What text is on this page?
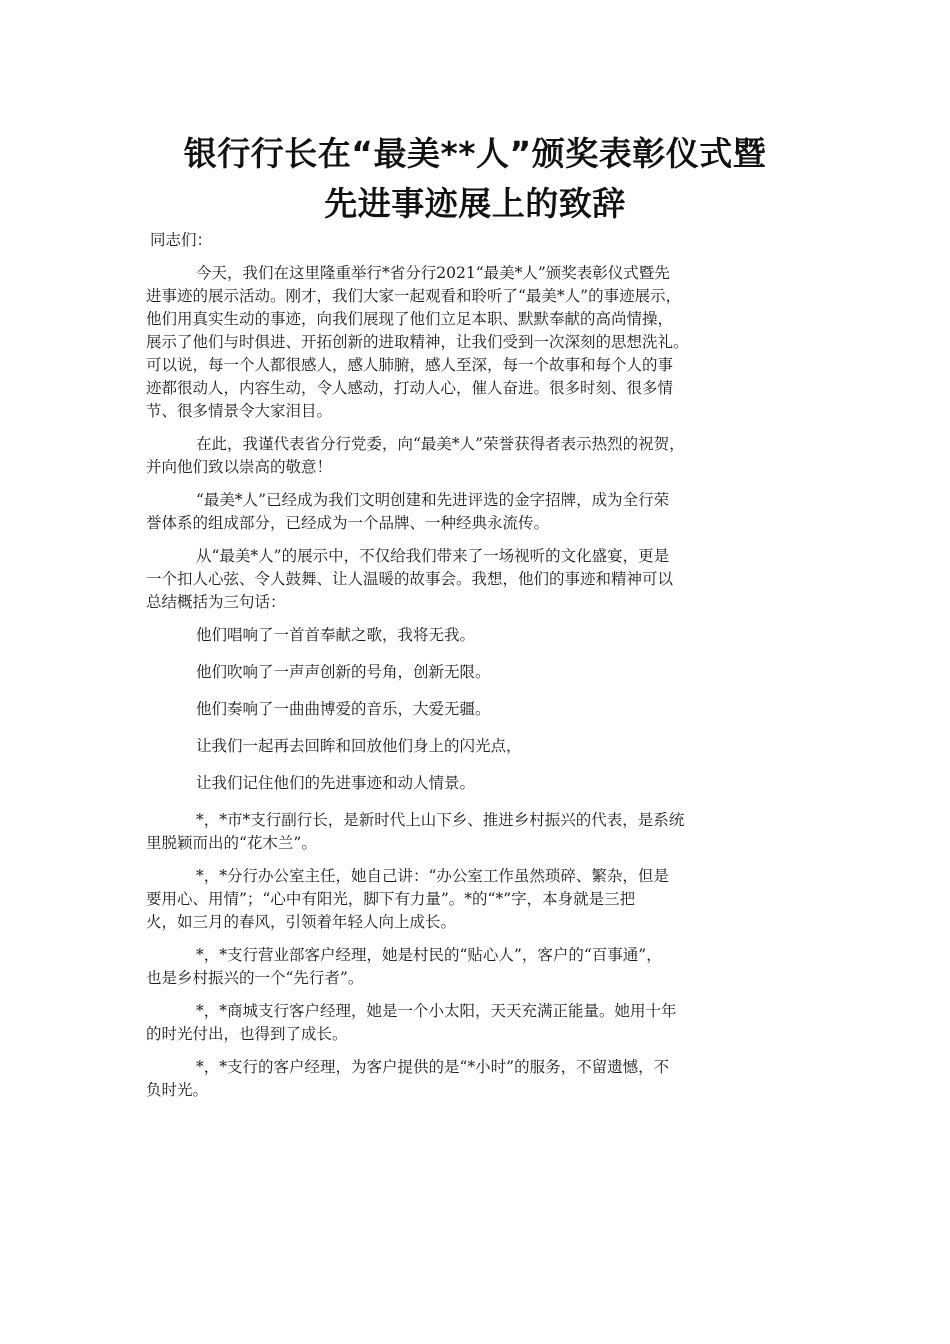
银行行长在“最美**人”颁奖表彰仪式暨
先进事迹展上的致辞
同志们：

今天，我们在这里隆重举行*省分行2021“最美*人”颁奖表彰仪式暨先
进事迹的展示活动。刚才，我们大家一起观看和聆听了“最美*人”的事迹展示，
他们用真实生动的事迹，向我们展现了他们立足本职、默默奉献的高尚情操，
展示了他们与时俱进、开拓创新的进取精神，让我们受到一次深刻的思想洗礼。
可以说，每一个人都很感人，感人肺腑，感人至深，每一个故事和每个人的事
迹都很动人，内容生动，令人感动，打动人心，催人奋进。很多时刻、很多情
节、很多情景令大家泪目。

在此，我谨代表省分行党委，向“最美*人”荣誉获得者表示热烈的祝贺，
并向他们致以崇高的敬意！

“最美*人”已经成为我们文明创建和先进评选的金字招牌，成为全行荣
誉体系的组成部分，已经成为一个品牌、一种经典永流传。

从“最美*人”的展示中，不仅给我们带来了一场视听的文化盛宴，更是
一个扣人心弦、令人鼓舞、让人温暖的故事会。我想，他们的事迹和精神可以
总结概括为三句话：

他们唱响了一首首奉献之歌，我将无我。

他们吹响了一声声创新的号角，创新无限。

他们奏响了一曲曲博爱的音乐，大爱无疆。

让我们一起再去回眸和回放他们身上的闪光点，

让我们记住他们的先进事迹和动人情景。

*，*市*支行副行长，是新时代上山下乡、推进乡村振兴的代表，是系统
里脱颖而出的“花木兰”。

*，*分行办公室主任，她自己讲：“办公室工作虽然琐碎、繁杂，但是
要用心、用情”；“心中有阳光，脚下有力量”。*的“*”字，本身就是三把
火，如三月的春风，引领着年轻人向上成长。

*，*支行营业部客户经理，她是村民的“贴心人”，客户的“百事通”，
也是乡村振兴的一个“先行者”。

*，*商城支行客户经理，她是一个小太阳，天天充满正能量。她用十年
的时光付出，也得到了成长。

*，*支行的客户经理，为客户提供的是“*小时”的服务，不留遗憾，不
负时光。
